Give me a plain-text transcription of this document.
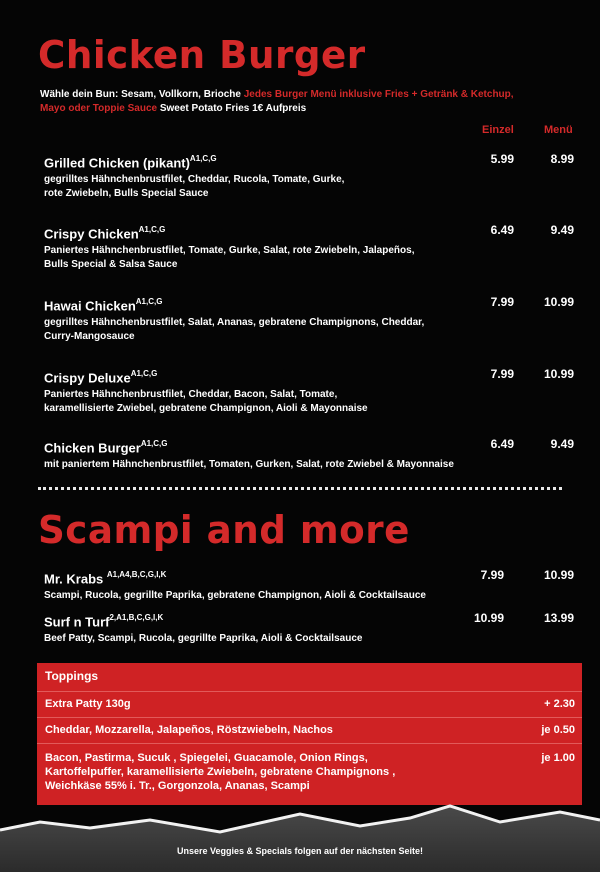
Chicken Burger
Wähle dein Bun: Sesam, Vollkorn, Brioche Jedes Burger Menü inklusive Fries + Getränk & Ketchup, Mayo oder Toppie Sauce Sweet Potato Fries 1€ Aufpreis
Einzel	Menü
Grilled Chicken (pikant)$^{A1,C,G}$
gegrilltes Hähnchenbrustfilet, Cheddar, Rucola, Tomate, Gurke,
rote Zwiebeln, Bulls Special Sauce
5.99	8.99
Crispy Chicken$^{A1,C,G}$
Paniertes Hähnchenbrustfilet, Tomate, Gurke, Salat, rote Zwiebeln, Jalapeños,
Bulls Special & Salsa Sauce
6.49	9.49
Hawai Chicken$^{A1,C,G}$
gegrilltes Hähnchenbrustfilet, Salat, Ananas, gebratene Champignons, Cheddar,
Curry-Mangosauce
7.99	10.99
Crispy Deluxe$^{A1,C,G}$
Paniertes Hähnchenbrustfilet, Cheddar, Bacon, Salat, Tomate,
karamellisierte Zwiebel, gebratene Champignon, Aioli & Mayonnaise
7.99	10.99
Chicken Burger$^{A1,C,G}$
mit paniertem Hähnchenbrustfilet, Tomaten, Gurken, Salat, rote Zwiebel & Mayonnaise
6.49	9.49
Scampi and more
Mr. Krabs $^{A1,A4,B,C,G,I,K}$
Scampi, Rucola, gegrillte Paprika, gebratene Champignon, Aioli & Cocktailsauce
7.99	10.99
Surf n Turf$^{2,A1,B,C,G,I,K}$
Beef Patty, Scampi, Rucola, gegrillte Paprika, Aioli & Cocktailsauce
10.99	13.99
Toppings
Extra Patty 130g	+ 2.30
Cheddar, Mozzarella, Jalapeños, Röstzwiebeln, Nachos	je 0.50
Bacon, Pastirma, Sucuk , Spiegelei, Guacamole, Onion Rings,
Kartoffelpuffer, karamellisierte Zwiebeln, gebratene Champignons ,
Weichkäse 55% i. Tr., Gorgonzola, Ananas, Scampi
je 1.00
Unsere Veggies & Specials folgen auf der nächsten Seite!
